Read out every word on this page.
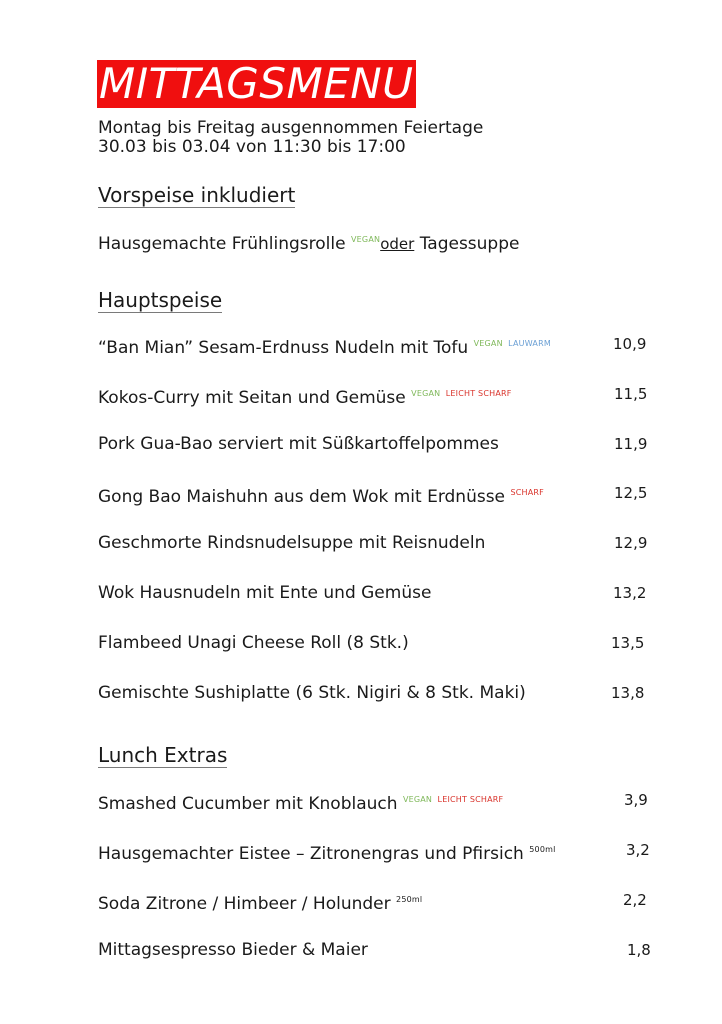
MITTAGSMENU
Montag bis Freitag ausgennommen Feiertage
30.03 bis 03.04 von 11:30 bis 17:00
Vorspeise inkludiert
Hausgemachte Frühlingsrolle $^{VEGAN}$oder Tagessuppe
Hauptspeise
“Ban Mian” Sesam-Erdnuss Nudeln mit Tofu $^{VEGAN}$ $^{LAUWARM}$	10,9
Kokos-Curry mit Seitan und Gemüse $^{VEGAN}$ $^{LEICHT SCHARF}$	11,5
Pork Gua-Bao serviert mit Süßkartoffelpommes	11,9
Gong Bao Maishuhn aus dem Wok mit Erdnüsse $^{SCHARF}$	12,5
Geschmorte Rindsnudelsuppe mit Reisnudeln	12,9
Wok Hausnudeln mit Ente und Gemüse	13,2
Flambeed Unagi Cheese Roll (8 Stk.)	13,5
Gemischte Sushiplatte (6 Stk. Nigiri & 8 Stk. Maki)	13,8
Lunch Extras
Smashed Cucumber mit Knoblauch $^{VEGAN}$ $^{LEICHT SCHARF}$	3,9
Hausgemachter Eistee – Zitronengras und Pfirsich $^{500ml}$	3,2
Soda Zitrone / Himbeer / Holunder $^{250ml}$	2,2
Mittagsespresso Bieder & Maier	1,8
